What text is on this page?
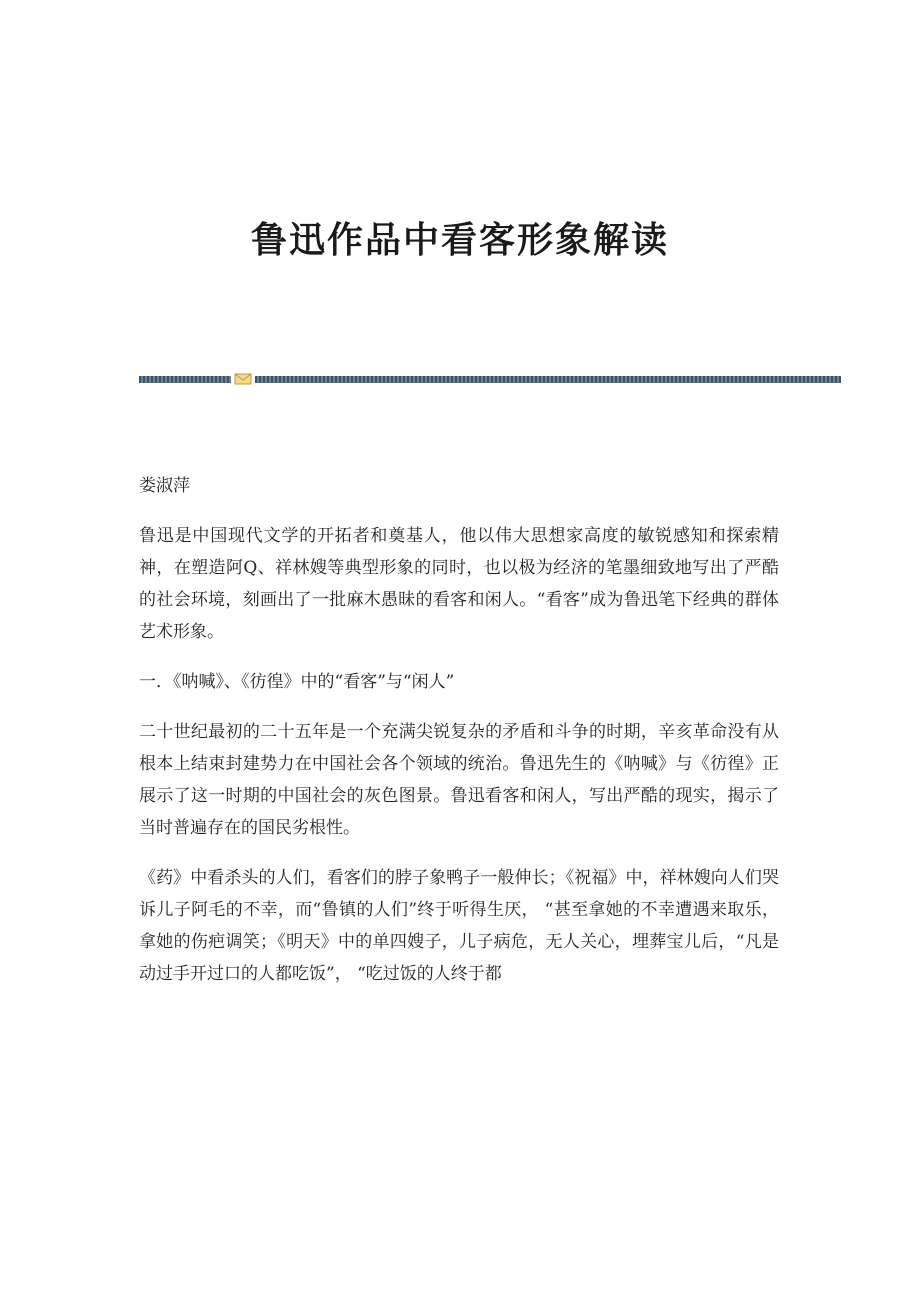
鲁迅作品中看客形象解读

娄淑萍

鲁迅是中国现代文学的开拓者和奠基人，他以伟大思想家高度的敏锐感知和探索精神，在塑造阿Q、祥林嫂等典型形象的同时，也以极为经济的笔墨细致地写出了严酷的社会环境，刻画出了一批麻木愚昧的看客和闲人。“看客”成为鲁迅笔下经典的群体艺术形象。

一．《呐喊》、《彷徨》中的“看客”与“闲人”

二十世纪最初的二十五年是一个充满尖锐复杂的矛盾和斗争的时期，辛亥革命没有从根本上结束封建势力在中国社会各个领域的统治。鲁迅先生的《呐喊》与《彷徨》正展示了这一时期的中国社会的灰色图景。鲁迅看客和闲人，写出严酷的现实，揭示了当时普遍存在的国民劣根性。

《药》中看杀头的人们，看客们的脖子象鸭子一般伸长；《祝福》中，祥林嫂向人们哭诉儿子阿毛的不幸，而“鲁镇的人们”终于听得生厌， “甚至拿她的不幸遭遇来取乐，拿她的伤疤调笑；《明天》中的单四嫂子，儿子病危，无人关心，埋葬宝儿后，“凡是动过手开过口的人都吃饭”， “吃过饭的人终于都
